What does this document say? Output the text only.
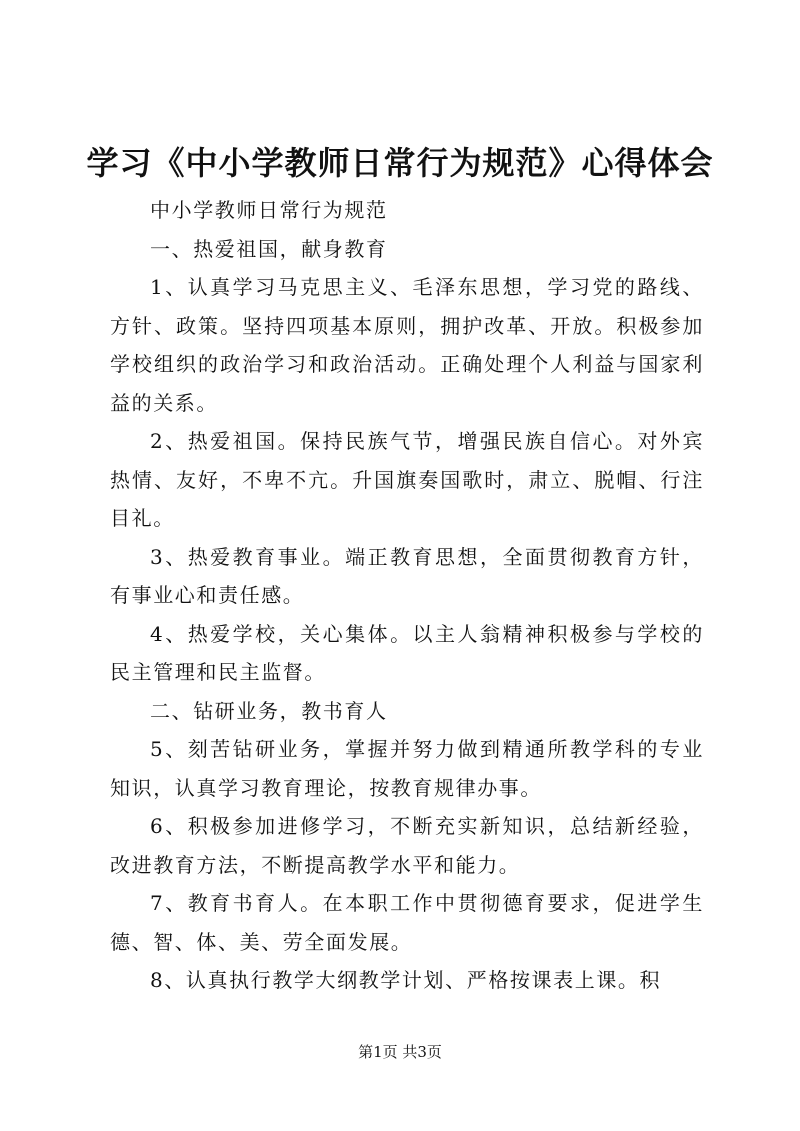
学习《中小学教师日常行为规范》心得体会

中小学教师日常行为规范

一、热爱祖国，献身教育

1、认真学习马克思主义、毛泽东思想，学习党的路线、方针、政策。坚持四项基本原则，拥护改革、开放。积极参加学校组织的政治学习和政治活动。正确处理个人利益与国家利益的关系。

2、热爱祖国。保持民族气节，增强民族自信心。对外宾热情、友好，不卑不亢。升国旗奏国歌时，肃立、脱帽、行注目礼。

3、热爱教育事业。端正教育思想，全面贯彻教育方针，有事业心和责任感。

4、热爱学校，关心集体。以主人翁精神积极参与学校的民主管理和民主监督。

二、钻研业务，教书育人

5、刻苦钻研业务，掌握并努力做到精通所教学科的专业知识，认真学习教育理论，按教育规律办事。

6、积极参加进修学习，不断充实新知识，总结新经验，改进教育方法，不断提高教学水平和能力。

7、教育书育人。在本职工作中贯彻德育要求，促进学生德、智、体、美、劳全面发展。

8、认真执行教学大纲教学计划、严格按课表上课。积

第1页 共3页
